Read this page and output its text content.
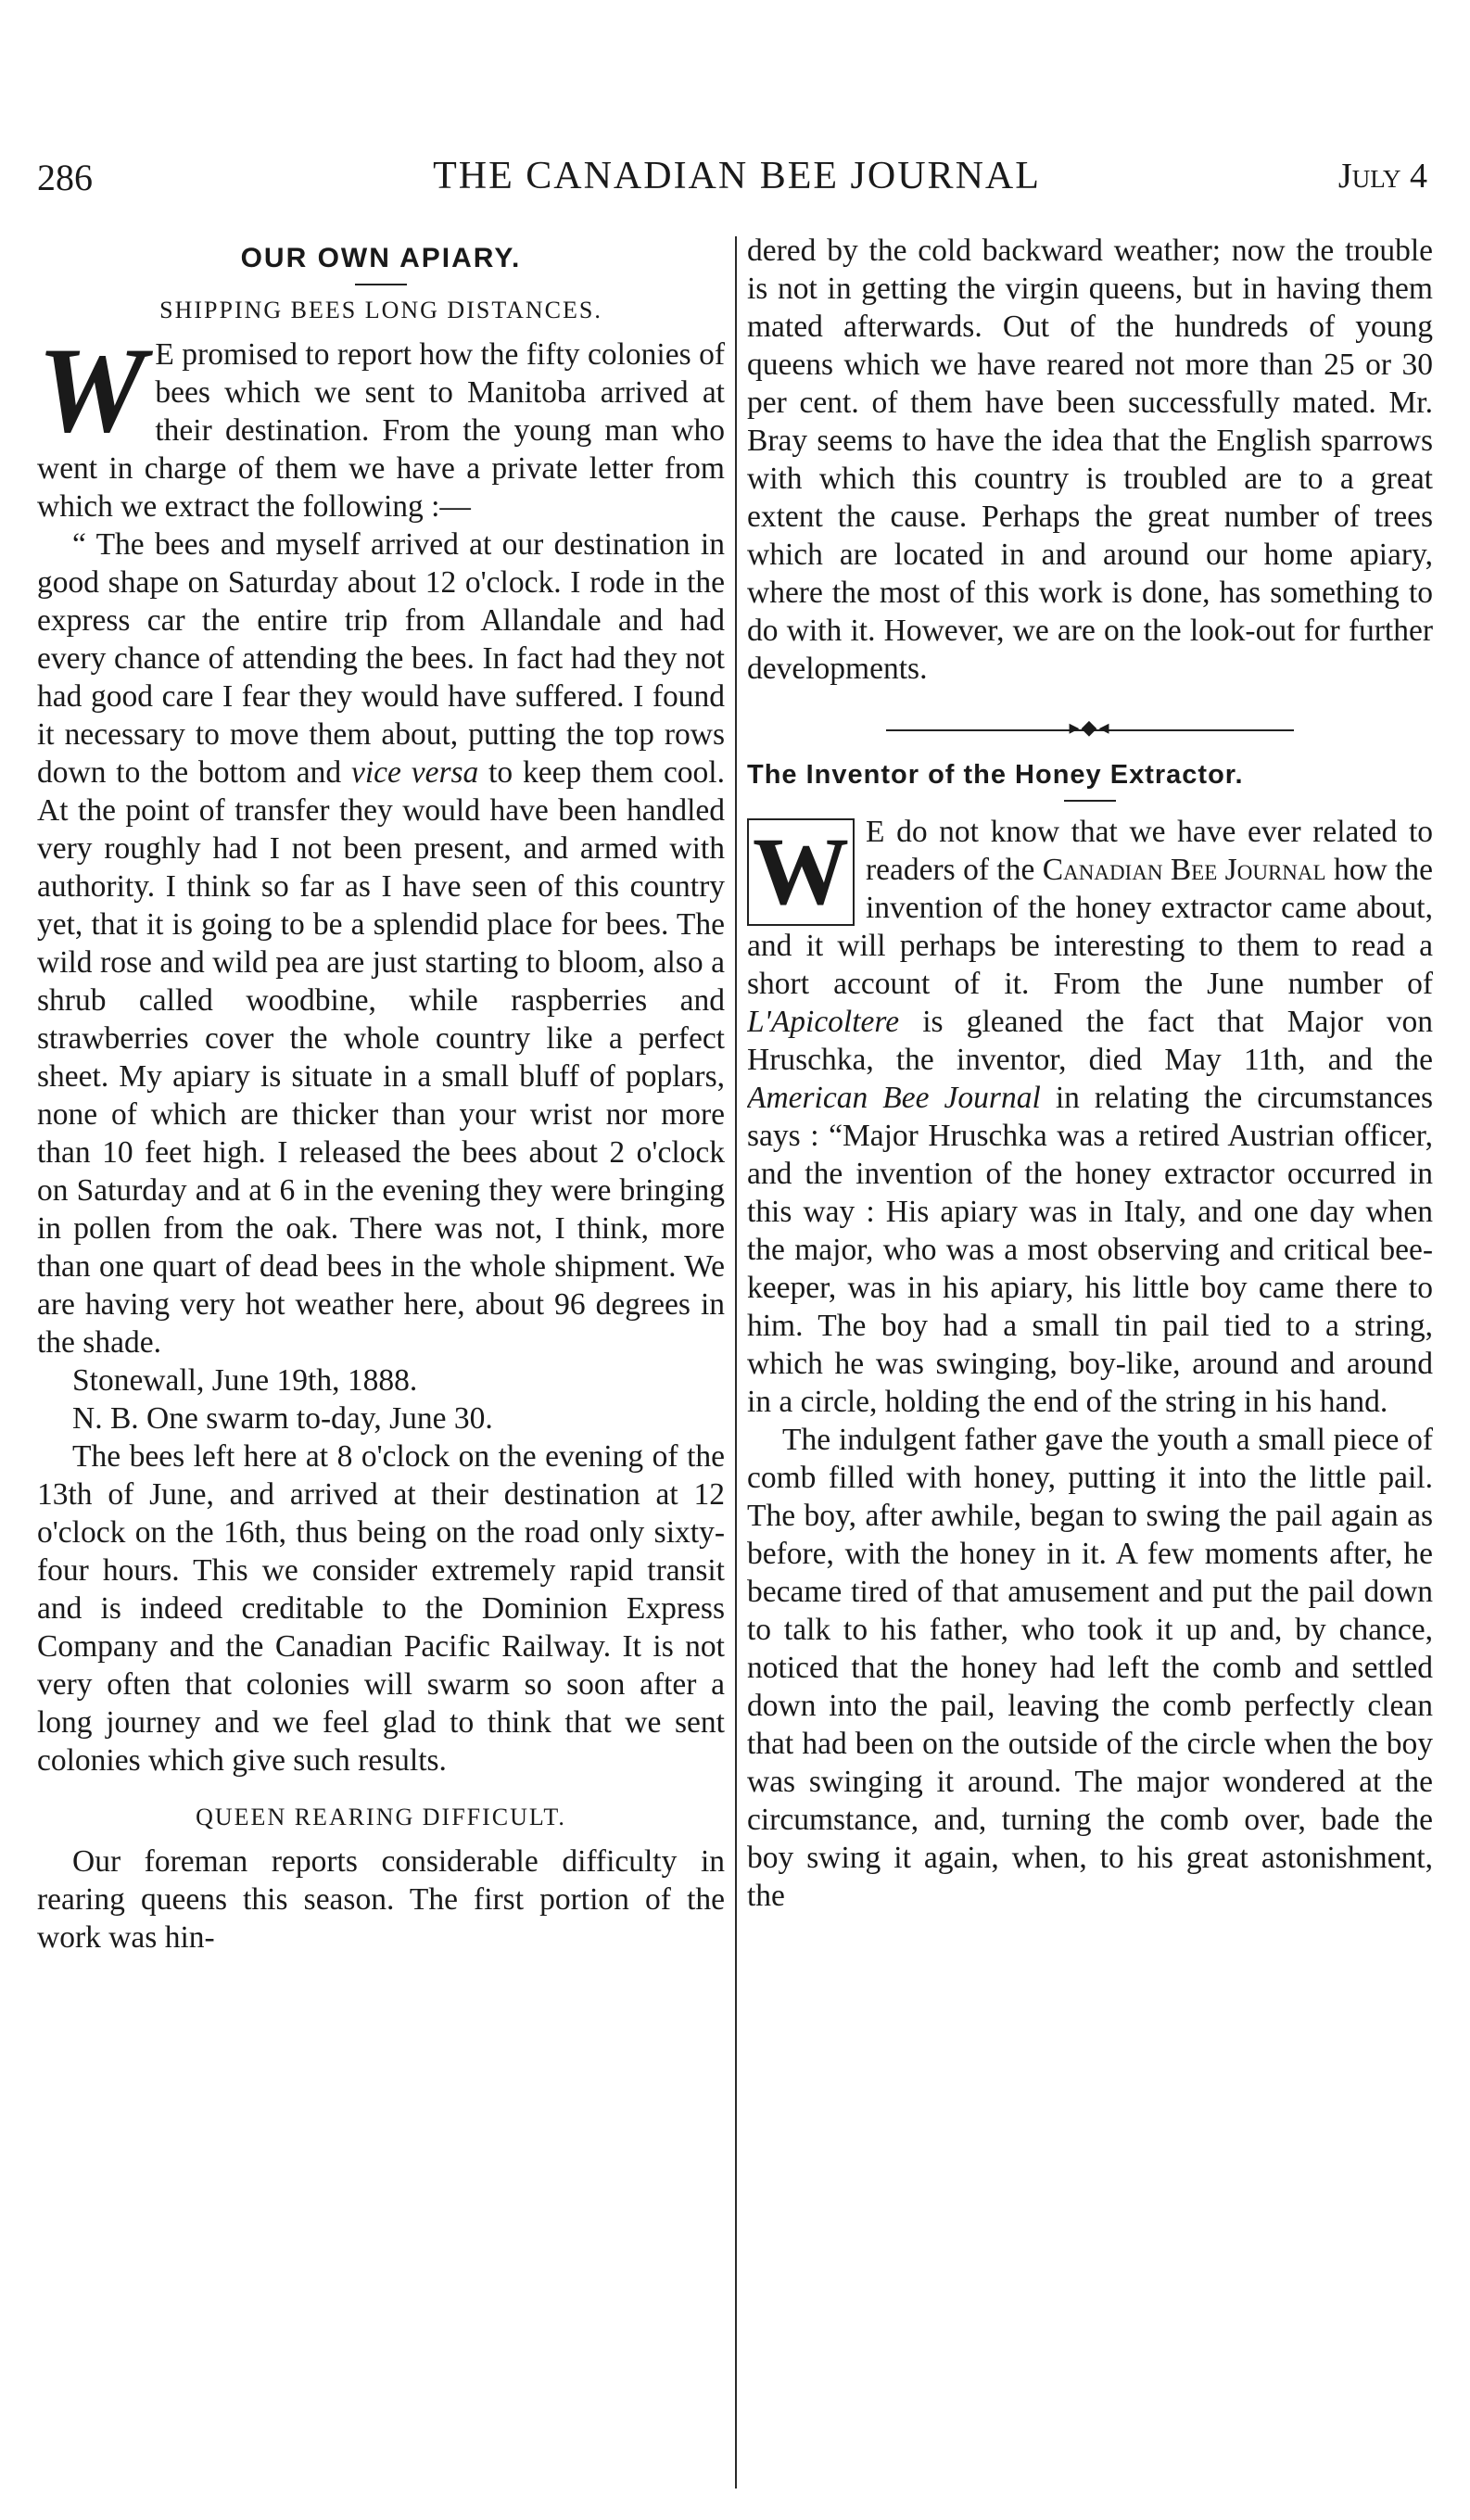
286	THE CANADIAN BEE JOURNAL	July 4
OUR OWN APIARY.
SHIPPING BEES LONG DISTANCES.
W E promised to report how the fifty colonies of bees which we sent to Manitoba arrived at their destination. From the young man who went in charge of them we have a private letter from which we extract the following :—

“ The bees and myself arrived at our destination in good shape on Saturday about 12 o'clock. I rode in the express car the entire trip from Allandale and had every chance of attending the bees. In fact had they not had good care I fear they would have suffered. I found it necessary to move them about, putting the top rows down to the bottom and vice versa to keep them cool. At the point of transfer they would have been handled very roughly had I not been present, and armed with authority. I think so far as I have seen of this country yet, that it is going to be a splendid place for bees. The wild rose and wild pea are just starting to bloom, also a shrub called woodbine, while raspberries and strawberries cover the whole country like a perfect sheet. My apiary is situate in a small bluff of poplars, none of which are thicker than your wrist nor more than 10 feet high. I released the bees about 2 o'clock on Saturday and at 6 in the evening they were bringing in pollen from the oak. There was not, I think, more than one quart of dead bees in the whole shipment. We are having very hot weather here, about 96 degrees in the shade.

Stonewall, June 19th, 1888.

N. B. One swarm to-day, June 30.

The bees left here at 8 o'clock on the evening of the 13th of June, and arrived at their destination at 12 o'clock on the 16th, thus being on the road only sixty-four hours. This we consider extremely rapid transit and is indeed creditable to the Dominion Express Company and the Canadian Pacific Railway. It is not very often that colonies will swarm so soon after a long journey and we feel glad to think that we sent colonies which give such results.

QUEEN REARING DIFFICULT.

Our foreman reports considerable difficulty in rearing queens this season. The first portion of the work was hin-

dered by the cold backward weather; now the trouble is not in getting the virgin queens, but in having them mated afterwards. Out of the hundreds of young queens which we have reared not more than 25 or 30 per cent. of them have been successfully mated. Mr. Bray seems to have the idea that the English sparrows with which this country is troubled are to a great extent the cause. Perhaps the great number of trees which are located in and around our home apiary, where the most of this work is done, has something to do with it. However, we are on the look-out for further developments.

▸◆◂
The Inventor of the Honey Extractor.
W E do not know that we have ever related to readers of the Canadian Bee Journal how the invention of the honey extractor came about, and it will perhaps be interesting to them to read a short account of it. From the June number of L'Apicoltere is gleaned the fact that Major von Hruschka, the inventor, died May 11th, and the American Bee Journal in relating the circumstances says : “Major Hruschka was a retired Austrian officer, and the invention of the honey extractor occurred in this way : His apiary was in Italy, and one day when the major, who was a most observing and critical bee-keeper, was in his apiary, his little boy came there to him. The boy had a small tin pail tied to a string, which he was swinging, boy-like, around and around in a circle, holding the end of the string in his hand.

The indulgent father gave the youth a small piece of comb filled with honey, putting it into the little pail. The boy, after awhile, began to swing the pail again as before, with the honey in it. A few moments after, he became tired of that amusement and put the pail down to talk to his father, who took it up and, by chance, noticed that the honey had left the comb and settled down into the pail, leaving the comb perfectly clean that had been on the outside of the circle when the boy was swinging it around. The major wondered at the circumstance, and, turning the comb over, bade the boy swing it again, when, to his great astonishment, the
